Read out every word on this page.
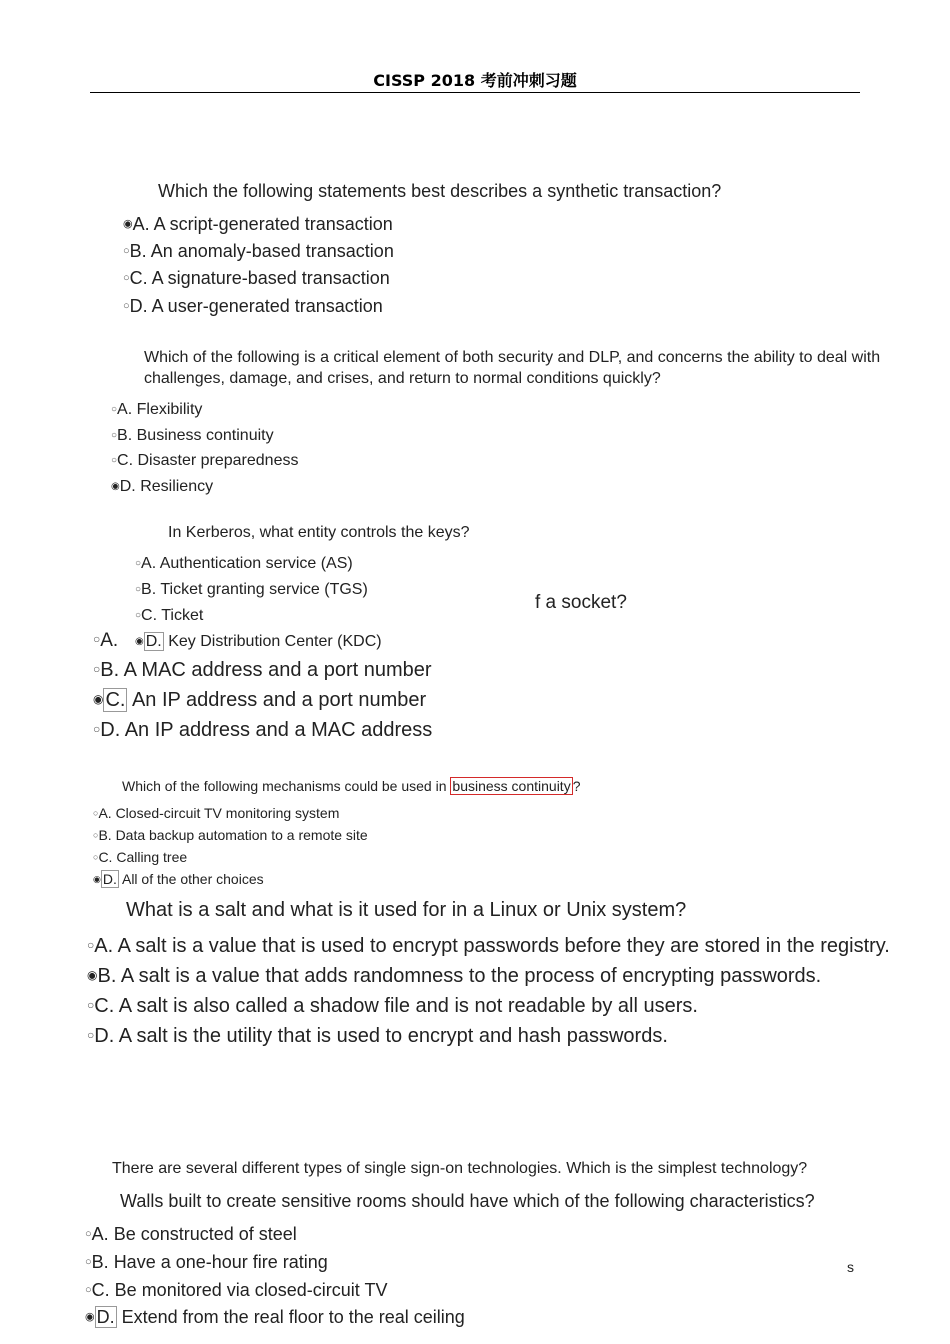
CISSP 2018 考前冲刺习题
Which the following statements best describes a synthetic transaction?
◉A. A script-generated transaction
○B. An anomaly-based transaction
○C. A signature-based transaction
○D. A user-generated transaction
Which of the following is a critical element of both security and DLP, and concerns the ability to deal with
challenges, damage, and crises, and return to normal conditions quickly?
○A. Flexibility
○B. Business continuity
○C. Disaster preparedness
◉D. Resiliency
In Kerberos, what entity controls the keys?
○A. Authentication service (AS)
○B. Ticket granting service (TGS)
○C. Ticket
◉ D. Key Distribution Center (KDC)
f a socket?
○A.
○B. A MAC address and a port number
◉ C. An IP address and a port number
○D. An IP address and a MAC address
Which of the following mechanisms could be used in business continuity ?
○A. Closed-circuit TV monitoring system
○B. Data backup automation to a remote site
○C. Calling tree
◉ D. All of the other choices
What is a salt and what is it used for in a Linux or Unix system?
○A. A salt is a value that is used to encrypt passwords before they are stored in the registry.
◉B. A salt is a value that adds randomness to the process of encrypting passwords.
○C. A salt is also called a shadow file and is not readable by all users.
○D. A salt is the utility that is used to encrypt and hash passwords.
There are several different types of single sign-on technologies. Which is the simplest technology?
Walls built to create sensitive rooms should have which of the following characteristics?
○A. Be constructed of steel
○B. Have a one-hour fire rating
○C. Be monitored via closed-circuit TV
◉ D. Extend from the real floor to the real ceiling
s
